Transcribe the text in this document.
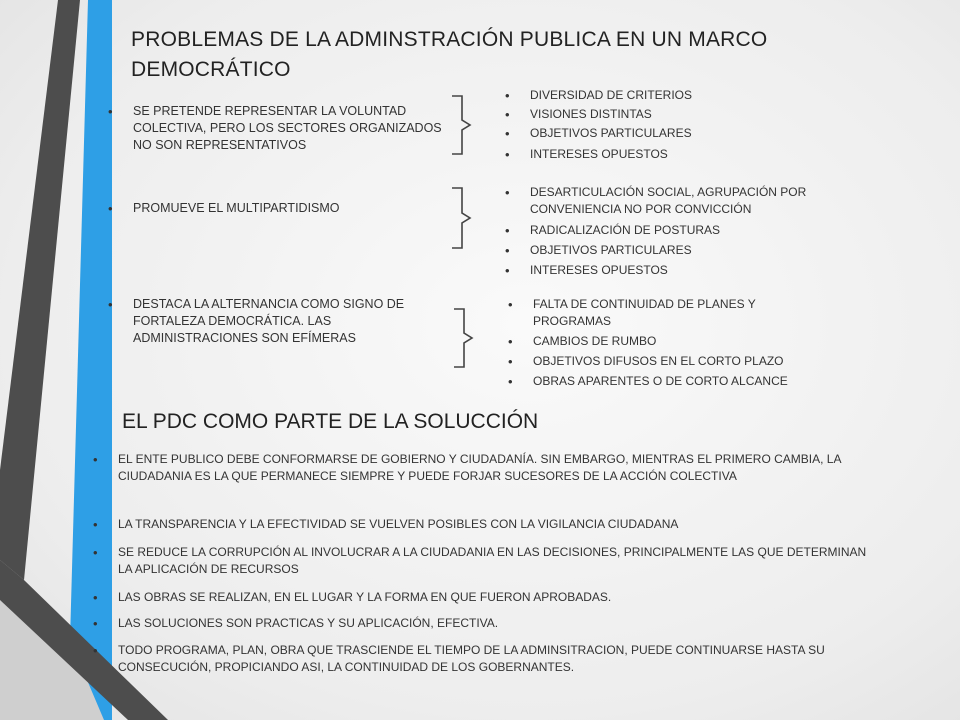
PROBLEMAS DE LA ADMINSTRACIÓN PUBLICA EN UN MARCO DEMOCRÁTICO
• SE PRETENDE REPRESENTAR LA VOLUNTAD COLECTIVA, PERO LOS SECTORES ORGANIZADOS NO SON REPRESENTATIVOS
• DIVERSIDAD DE CRITERIOS
• VISIONES DISTINTAS
• OBJETIVOS PARTICULARES
• INTERESES OPUESTOS
• PROMUEVE EL MULTIPARTIDISMO
• DESARTICULACIÓN SOCIAL, AGRUPACIÓN POR CONVENIENCIA NO POR CONVICCIÓN
• RADICALIZACIÓN DE POSTURAS
• OBJETIVOS PARTICULARES
• INTERESES OPUESTOS
• DESTACA LA ALTERNANCIA COMO SIGNO DE FORTALEZA DEMOCRÁTICA. LAS ADMINISTRACIONES SON EFÍMERAS
• FALTA DE CONTINUIDAD DE PLANES Y PROGRAMAS
• CAMBIOS DE RUMBO
• OBJETIVOS DIFUSOS EN EL CORTO PLAZO
• OBRAS APARENTES O DE CORTO ALCANCE
EL PDC COMO PARTE DE LA SOLUCCIÓN
• EL ENTE PUBLICO DEBE CONFORMARSE DE GOBIERNO Y CIUDADANÍA. SIN EMBARGO, MIENTRAS EL PRIMERO CAMBIA, LA CIUDADANIA ES LA QUE PERMANECE SIEMPRE Y PUEDE FORJAR SUCESORES DE LA ACCIÓN COLECTIVA
• LA TRANSPARENCIA Y LA EFECTIVIDAD SE VUELVEN POSIBLES CON LA VIGILANCIA CIUDADANA
• SE REDUCE LA CORRUPCIÓN AL INVOLUCRAR A LA CIUDADANIA EN LAS DECISIONES, PRINCIPALMENTE LAS QUE DETERMINAN LA APLICACIÓN DE RECURSOS
• LAS OBRAS SE REALIZAN, EN EL LUGAR Y LA FORMA EN QUE FUERON APROBADAS.
• LAS SOLUCIONES SON PRACTICAS Y SU APLICACIÓN, EFECTIVA.
• TODO PROGRAMA, PLAN, OBRA QUE TRASCIENDE EL TIEMPO DE LA ADMINSITRACION, PUEDE CONTINUARSE HASTA SU CONSECUCIÓN, PROPICIANDO ASI, LA CONTINUIDAD DE LOS GOBERNANTES.
